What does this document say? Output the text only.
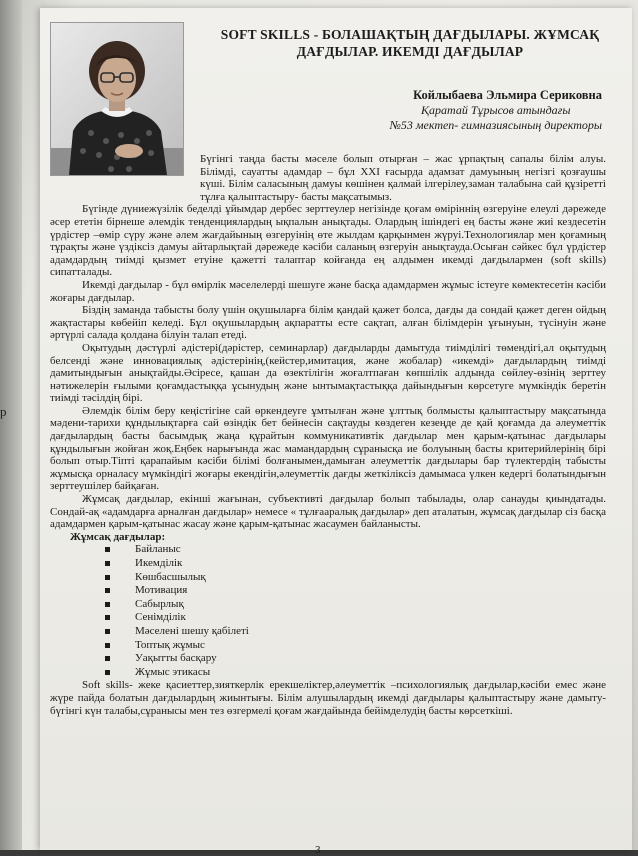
р
SOFT SKILLS - БОЛАШАҚТЫҢ ДАҒДЫЛАРЫ. ЖҰМСАҚ ДАҒДЫЛАР. ИКЕМДІ ДАҒДЫЛАР
Койлыбаева Эльмира Сериковна
Қаратай Тұрысов атындағы
№53 мектеп- гимназиясының директоры

Бүгінгі таңда басты мәселе болып отырған – жас ұрпақтың сапалы білім алуы. Білімді, сауатты адамдар – бұл XXI ғасырда адамзат дамуының негізгі қозғаушы күші. Білім саласының дамуы көшінен қалмай ілгерілеу,заман талабына сай құзіретті тұлға қалыптастыру- басты мақсатымыз.

Бүгінде дүниежүзілік беделді ұйымдар дербес зерттеулер негізінде қоғам өміріннің өзгеруіне елеулі дәрежеде әсер ететін бірнеше әлемдік тенденциялардың ықпалын анықтады. Олардың ішіндегі ең басты және жиі кездесетін үрдістер –өмір сүру және әлем жағдайының өзгеруінің өте жылдам қарқынмен жүруі.Технологиялар мен қоғамның тұрақты және үздіксіз дамуы айтарлықтай дәрежеде кәсіби саланың өзгеруін анықтауда.Осыған сәйкес бұл үрдістер адамдардың тиімді қызмет етуіне қажетті талаптар койғанда ең алдымен икемді дағдылармен (soft skills) сипатталады.

Икемді дағдылар - бұл өмірлік мәселелерді шешуге және басқа адамдармен жұмыс істеуге көмектесетін кәсіби жоғары дағдылар.

Біздің заманда табысты болу үшін оқушыларға білім қандай қажет болса, дағды да сондай қажет деген ойдың жақтастары көбейіп келеді. Бұл оқушылардың ақпаратты есте сақтап, алған білімдерін ұғынуын, түсінуін және әртүрлі салада қолдана білуін талап етеді.

Оқытудың дәстүрлі әдістері(дәрістер, семинарлар) дағдыларды дамытуда тиімділігі төмендігі,ал оқытудың белсенді және инновациялық әдістерінің,(кейстер,имитация, және жобалар) «икемді» дағдылардың тиімді дамитындығын анықтайды.Әсіресе, қашан да өзектілігін жоғалтпаған көпшілік алдында сөйлеу-өзінің зерттеу нәтижелерін ғылыми қоғамдастыққа ұсынудың және ынтымақтастыққа дайындығын көрсетуге мүмкіндік беретін тиімді тәсілдің бірі.

Әлемдік білім беру кеңістігіне сай өркендеуге ұмтылған және ұлттық болмысты қалыптастыру мақсатында мәдени-тарихи құндылықтарға сай өзіндік бет бейнесін сақтауды көздеген кезеңде де қай қоғамда да әлеуметтік дағдылардың басты басымдық жаңа құрайтын коммуникативтік дағдылар мен қарым-қатынас дағдылары құндылығын жойған жоқ.Еңбек нарығында жас мамандардың сұранысқа ие болуының басты критерийлерінің бірі болып отыр.Тіпті қарапайым кәсіби білімі болғанымен,дамыған әлеуметтік дағдылары бар түлектердің табысты жұмысқа орналасу мүмкіндігі жоғары екендігін,әлеуметтік дағды жеткіліксіз дамымаса үлкен кедергі болатындығын зерттеушілер байқаған.

Жұмсақ дағдылар, екінші жағынан, субъективті дағдылар болып табылады, олар санауды қиындатады. Сондай-ақ «адамдарға арналған дағдылар» немесе « тұлғааралық дағдылар» деп аталатын, жұмсақ дағдылар сіз басқа адамдармен қарым-қатынас жасау және қарым-қатынас жасаумен байланысты.

Жұмсақ дағдылар:
Байланыс
Икемділік
Көшбасшылық
Мотивация
Сабырлық
Сенімділік
Мәселені шешу қабілеті
Топтық жұмыс
Уақытты басқару
Жұмыс этикасы

Soft skills- жеке қасиеттер,зияткерлік ерекшеліктер,әлеуметтік –психологиялық дағдылар,кәсіби емес және жүре пайда болатын дағдылардың жиынтығы. Білім алушылардың икемді дағдылары қалыптастыру және дамыту-бүгінгі күн талабы,сұранысы мен тез өзгермелі қоғам жағдайында бейімделудің басты көрсеткіші.

3
